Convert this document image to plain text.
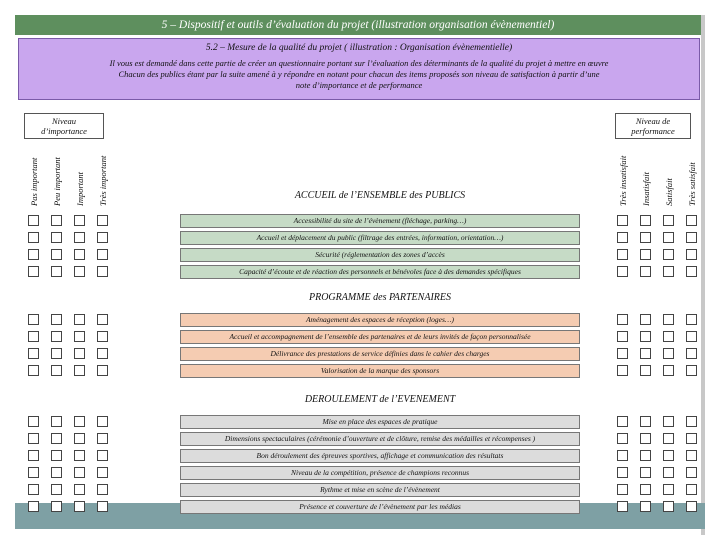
5 – Dispositif et outils d’évaluation du projet (illustration organisation évènementiel)
5.2 – Mesure de la qualité du projet ( illustration : Organisation évènementielle)
Il vous est demandé dans cette partie de créer un questionnaire portant sur l’évaluation des déterminants de la qualité du projet à mettre en œuvre
Chacun des publics étant par la suite amené à y répondre en notant pour chacun des items proposés son niveau de satisfaction à partir d’une
note d’importance et de performance
Niveau d’importance
Niveau de performance
Pas important Peu important Important Très important	Très insatisfait Insatisfait Satisfait Très satisfait
ACCUEIL de l’ENSEMBLE des PUBLICS
Accessibilité du site de l’évènement (fléchage, parking…)
Accueil et déplacement du public (filtrage des entrées, information, orientation…)
Sécurité (réglementation des zones d’accès
Capacité d’écoute et de réaction des personnels et bénévoles face à des demandes spécifiques
PROGRAMME des PARTENAIRES
Aménagement des espaces de réception (loges…)
Accueil et accompagnement de l’ensemble des partenaires et de leurs invités de façon personnalisée
Délivrance des prestations de service définies dans le cahier des charges
Valorisation de la marque des sponsors
DEROULEMENT de l’EVENEMENT
Mise en place des espaces de pratique
Dimensions spectaculaires (cérémonie d’ouverture et de clôture, remise des médailles et récompenses )
Bon déroulement des épreuves sportives, affichage et communication des résultats
Niveau de la compétition, présence de champions reconnus
Rythme et mise en scène de l’évènement
Présence et couverture de l’évènement par les médias
